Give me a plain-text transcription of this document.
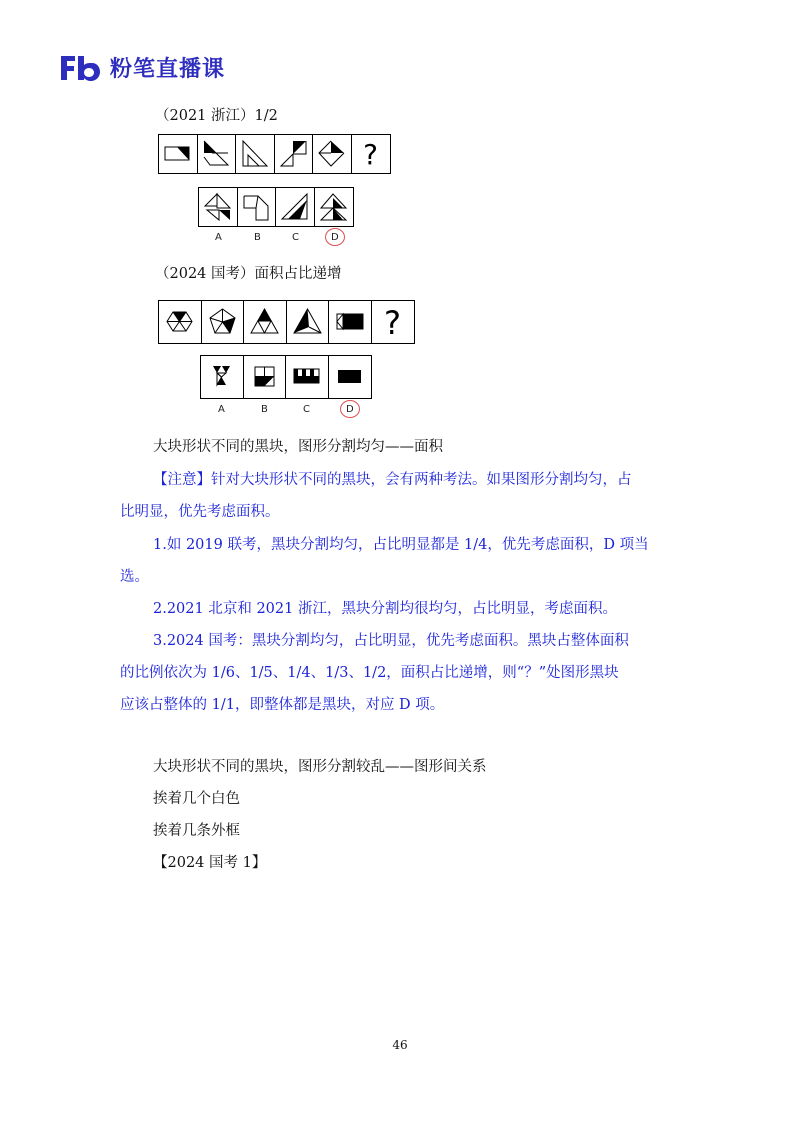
粉笔直播课
（2021 浙江）1/2
?
A	B	C	D
（2024 国考）面积占比递增
?
A	B	C	D
大块形状不同的黑块，图形分割均匀——面积
【注意】针对大块形状不同的黑块，会有两种考法。如果图形分割均匀，占
比明显，优先考虑面积。
1.如 2019 联考，黑块分割均匀，占比明显都是 1/4，优先考虑面积，D 项当
选。
2.2021 北京和 2021 浙江，黑块分割均很均匀，占比明显，考虑面积。
3.2024 国考：黑块分割均匀，占比明显，优先考虑面积。黑块占整体面积
的比例依次为 1/6、1/5、1/4、1/3、1/2，面积占比递增，则“？”处图形黑块
应该占整体的 1/1，即整体都是黑块，对应 D 项。
大块形状不同的黑块，图形分割较乱——图形间关系
挨着几个白色
挨着几条外框
【2024 国考 1】
46
